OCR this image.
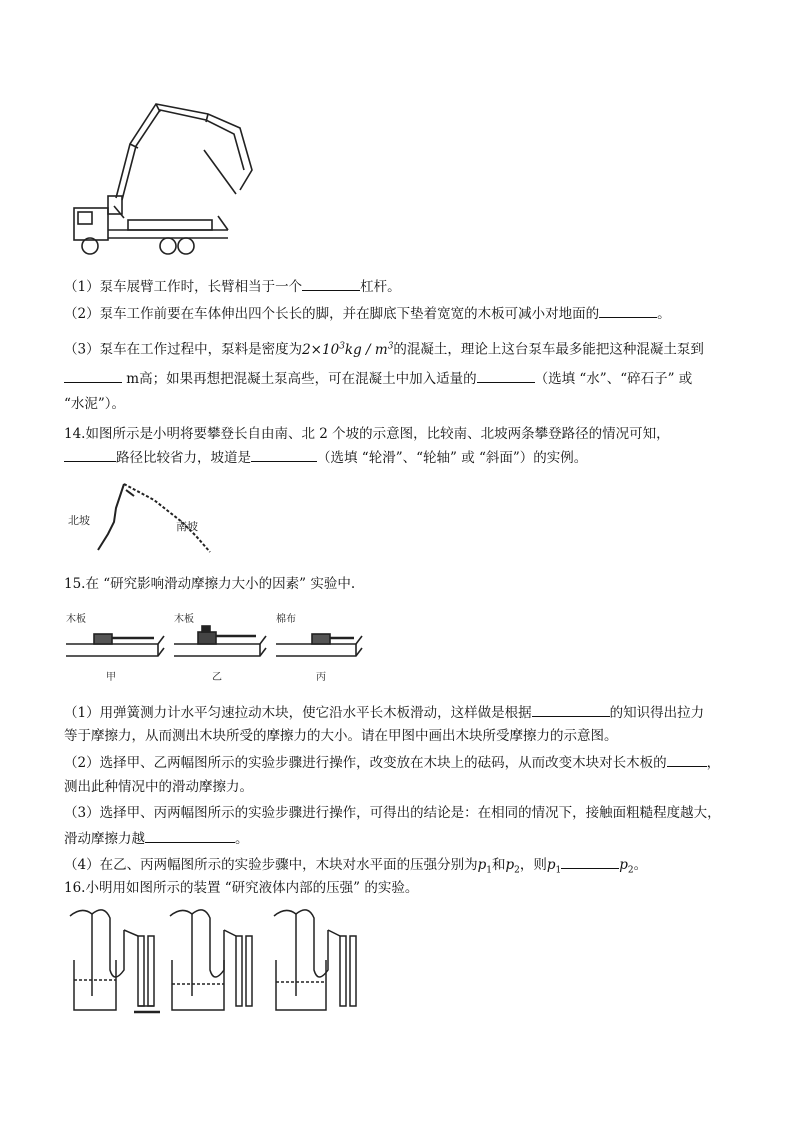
（1）泵车展臂工作时，长臂相当于一个	杠杆。
（2）泵车工作前要在车体伸出四个长长的脚，并在脚底下垫着宽宽的木板可减小对地面的	。
（3）泵车在工作过程中，泵料是密度为$2\times 10^3kg / m^3$的混凝土，理论上这台泵车最多能把这种混凝土泵到
m高；如果再想把混凝土泵高些，可在混凝土中加入适量的	（选填 “水”、“碎石子” 或
“水泥”）。
14.如图所示是小明将要攀登长自由南、北 2 个坡的示意图，比较南、北坡两条攀登路径的情况可知，
路径比较省力，坡道是	（选填 “轮滑”、“轮轴” 或 “斜面”）的实例。
北坡	南坡
15.在 “研究影响滑动摩擦力大小的因素” 实验中.
木板	木板	棉布
甲	乙	丙
（1）用弹簧测力计水平匀速拉动木块，使它沿水平长木板滑动，这样做是根据	的知识得出拉力
等于摩擦力，从而测出木块所受的摩擦力的大小。请在甲图中画出木块所受摩擦力的示意图。
（2）选择甲、乙两幅图所示的实验步骤进行操作，改变放在木块上的砝码，从而改变木块对长木板的	，
测出此种情况中的滑动摩擦力。
（3）选择甲、丙两幅图所示的实验步骤进行操作，可得出的结论是：在相同的情况下，接触面粗糙程度越大，
滑动摩擦力越	。
（4）在乙、丙两幅图所示的实验步骤中，木块对水平面的压强分别为$p_1$和$p_2$，则$p_1$	$p_2$。
16.小明用如图所示的装置 “研究液体内部的压强” 的实验。
